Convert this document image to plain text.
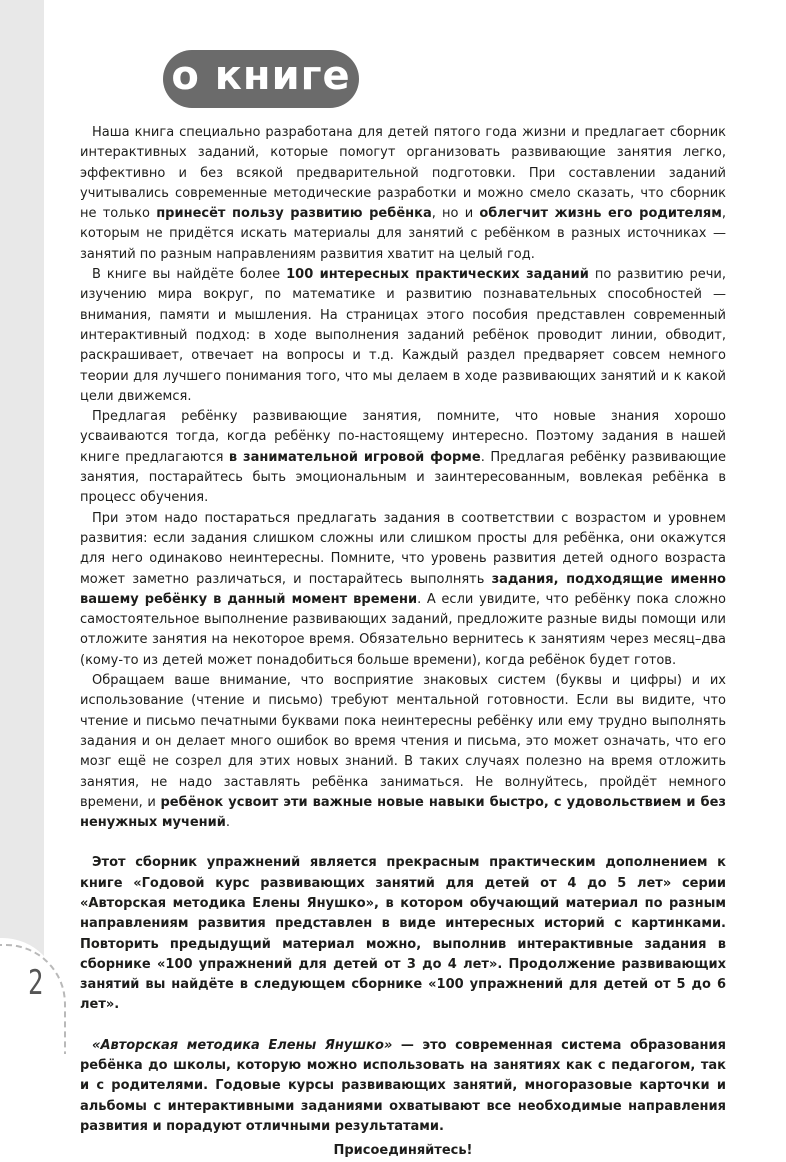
2
о книге

Наша книга специально разработана для детей пятого года жизни и предлагает сборник интерактивных заданий, которые помогут организовать развивающие занятия легко, эффективно и без всякой предварительной подготовки. При составлении заданий учитывались современные методические разработки и можно смело сказать, что сборник не только принесёт пользу развитию ребёнка, но и облегчит жизнь его родителям, которым не придётся искать материалы для занятий с ребёнком в разных источниках — занятий по разным направлениям развития хватит на целый год.

В книге вы найдёте более 100 интересных практических заданий по развитию речи, изучению мира вокруг, по математике и развитию познавательных способностей — внимания, памяти и мышления. На страницах этого пособия представлен современный интерактивный подход: в ходе выполнения заданий ребёнок проводит линии, обводит, раскрашивает, отвечает на вопросы и т.д. Каждый раздел предваряет совсем немного теории для лучшего понимания того, что мы делаем в ходе развивающих занятий и к какой цели движемся.

Предлагая ребёнку развивающие занятия, помните, что новые знания хорошо усваиваются тогда, когда ребёнку по-настоящему интересно. Поэтому задания в нашей книге предлагаются в занимательной игровой форме. Предлагая ребёнку развивающие занятия, постарайтесь быть эмоциональным и заинтересованным, вовлекая ребёнка в процесс обучения.

При этом надо постараться предлагать задания в соответствии с возрастом и уровнем развития: если задания слишком сложны или слишком просты для ребёнка, они окажутся для него одинаково неинтересны. Помните, что уровень развития детей одного возраста может заметно различаться, и постарайтесь выполнять задания, подходящие именно вашему ребёнку в данный момент времени. А если увидите, что ребёнку пока сложно самостоятельное выполнение развивающих заданий, предложите разные виды помощи или отложите занятия на некоторое время. Обязательно вернитесь к занятиям через месяц–два (кому-то из детей может понадобиться больше времени), когда ребёнок будет готов.

Обращаем ваше внимание, что восприятие знаковых систем (буквы и цифры) и их использование (чтение и письмо) требуют ментальной готовности. Если вы видите, что чтение и письмо печатными буквами пока неинтересны ребёнку или ему трудно выполнять задания и он делает много ошибок во время чтения и письма, это может означать, что его мозг ещё не созрел для этих новых знаний. В таких случаях полезно на время отложить занятия, не надо заставлять ребёнка заниматься. Не волнуйтесь, пройдёт немного времени, и ребёнок усвоит эти важные новые навыки быстро, с удовольствием и без ненужных мучений.

Этот сборник упражнений является прекрасным практическим дополнением к книге «Годовой курс развивающих занятий для детей от 4 до 5 лет» серии «Авторская методика Елены Янушко», в котором обучающий материал по разным направлениям развития представлен в виде интересных историй с картинками. Повторить предыдущий материал можно, выполнив интерактивные задания в сборнике «100 упражнений для детей от 3 до 4 лет». Продолжение развивающих занятий вы найдёте в следующем сборнике «100 упражнений для детей от 5 до 6 лет».

«Авторская методика Елены Янушко» — это современная система образования ребёнка до школы, которую можно использовать на занятиях как с педагогом, так и с родителями. Годовые курсы развивающих занятий, многоразовые карточки и альбомы с интерактивными заданиями охватывают все необходимые направления развития и порадуют отличными результатами.

Присоединяйтесь!
